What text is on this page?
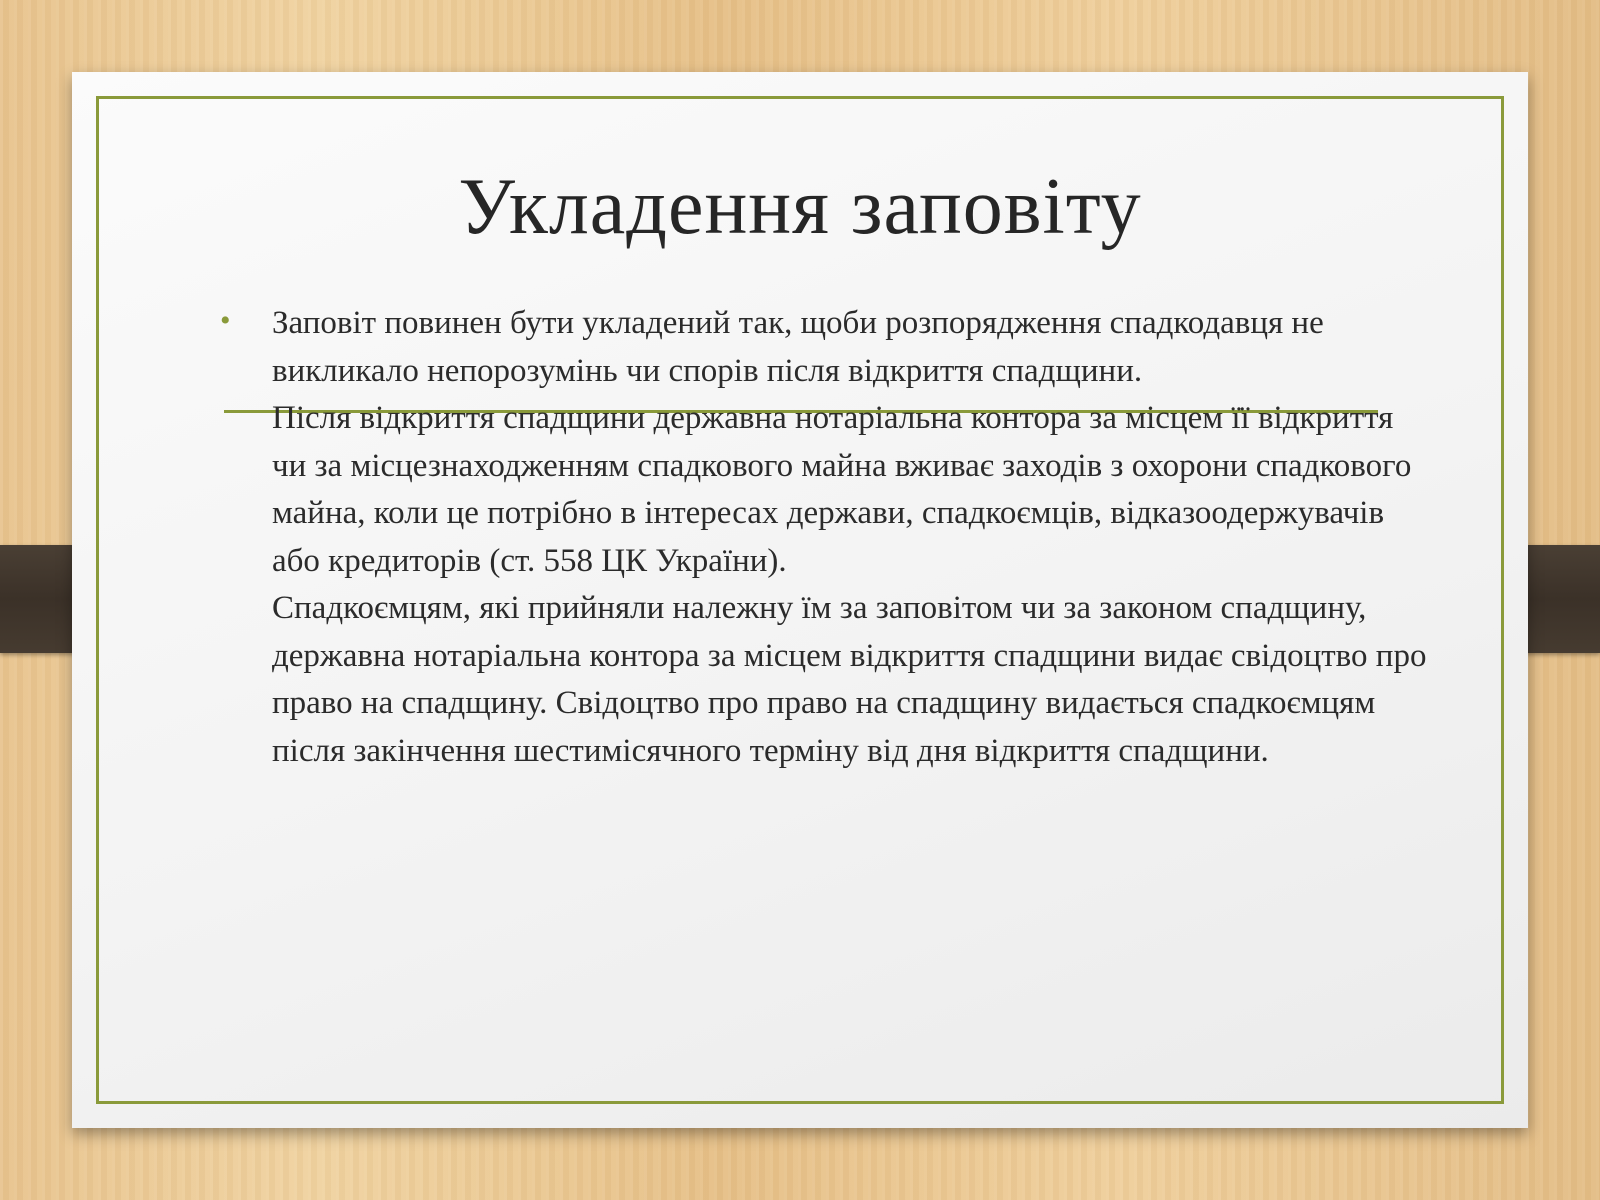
Укладення заповіту
• Заповіт повинен бути укладений так, щоби розпорядження спадкодавця не викликало непорозумінь чи спорів після відкриття спадщини.

Після відкриття спадщини державна нотаріальна контора за місцем її відкриття чи за місцезнаходженням спадкового майна вживає заходів з охорони спадкового майна, коли це потрібно в інтересах держави, спадкоємців, відказоодержувачів або кредиторів (ст. 558 ЦК України).

Спадкоємцям, які прийняли належну їм за заповітом чи за законом спадщину, державна нотаріальна контора за місцем відкриття спадщини видає свідоцтво про право на спадщину. Свідоцтво про право на спадщину видається спадкоємцям після закінчення шестимісячного терміну від дня відкриття спадщини.
